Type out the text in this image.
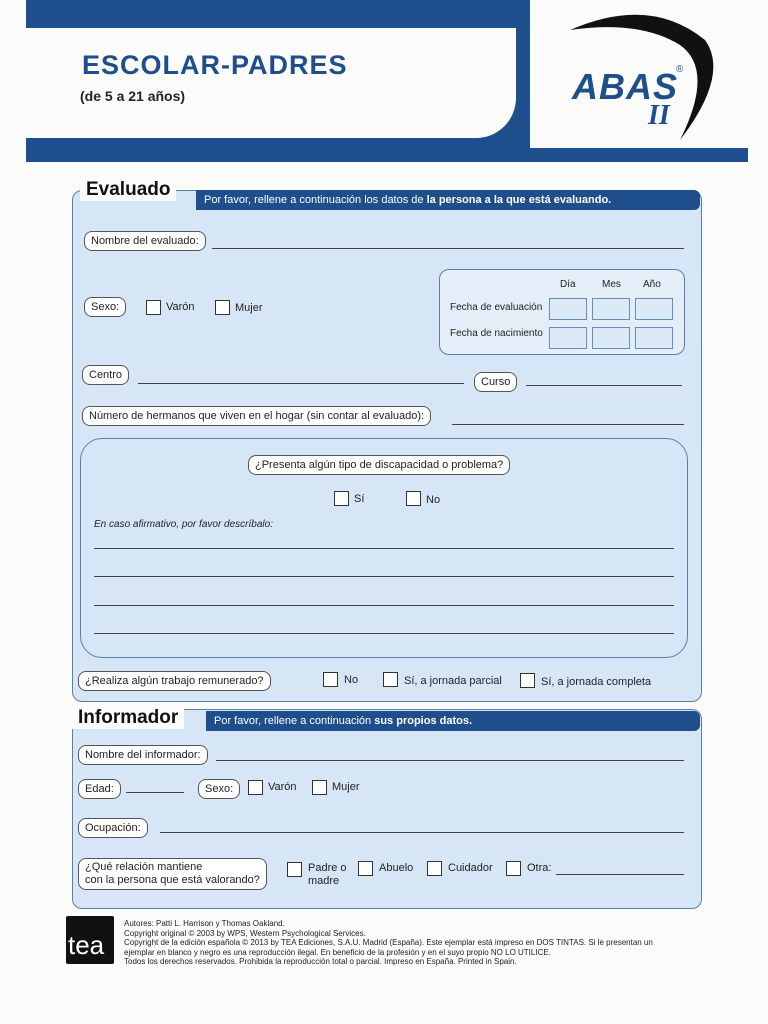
ABAS
®
II
ESCOLAR-PADRES
(de 5 a 21 años)
Por favor, rellene a continuación los datos de la persona a la que está evaluando.
Evaluado
Nombre del evaluado:
Sexo:	Varón	Mujer
Día	Mes Año
Fecha de evaluación
Fecha de nacimiento
Centro
Curso
Número de hermanos que viven en el hogar (sin contar al evaluado):
¿Presenta algún tipo de discapacidad o problema?
Sí	No
En caso afirmativo, por favor descríbalo:
¿Realiza algún trabajo remunerado?	No	Sí, a jornada parcial	Sí, a jornada completa
Por favor, rellene a continuación sus propios datos.
Informador
Nombre del informador:
Edad:	Sexo:	Varón	Mujer
Ocupación:
¿Qué relación mantiene
con la persona que está valorando?
Padre o
madre
Abuelo	Cuidador	Otra:
tea
Autores: Patti L. Harrison y Thomas Oakland.
Copyright original © 2003 by WPS, Western Psychological Services.
Copyright de la edición española © 2013 by TEA Ediciones, S.A.U. Madrid (España). Este ejemplar está impreso en DOS TINTAS. Si le presentan un
ejemplar en blanco y negro es una reproducción ilegal. En beneficio de la profesión y en el suyo propio NO LO UTILICE.
Todos los derechos reservados. Prohibida la reproducción total o parcial. Impreso en España. Printed in Spain.
